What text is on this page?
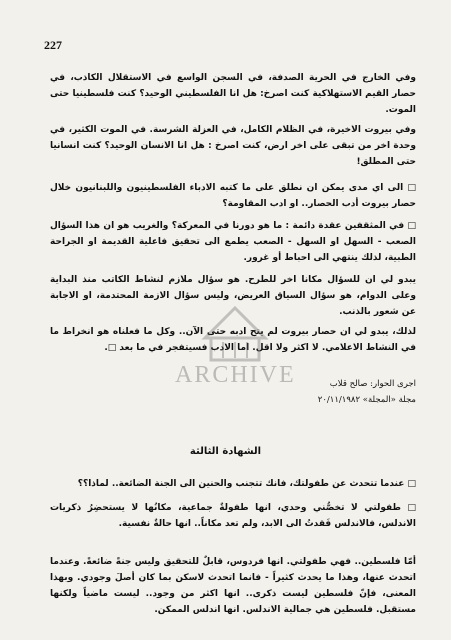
227
وفي الخارج في الحرية الصدفة، في السجن الواسع في الاستقلال الكاذب، في حصار القيم الاستهلاكية كنت اصرخ: هل انا الفلسطيني الوحيد؟ كنت فلسطينيا حتى الموت.
وفي بيروت الاخيرة، في الظلام الكامل، في العزلة الشرسة. في الموت الكثير، في وحدة اخر من تبقى على اخر ارض، كنت اصرخ : هل انا الانسان الوحيد؟ كنت انسانيا حتى المطلق!
□ الى اي مدى يمكن ان نطلق على ما كتبه الادباء الفلسطينيون واللبنانيون خلال حصار بيروت أدب الحصار.. او ادب المقاومة؟
□ في المثقفين عقدة دائمة : ما هو دورنا في المعركة؟ والغريب هو ان هذا السؤال الصعب - السهل او السهل - الصعب يطمع الى تحقيق فاعلية القديمة او الجراحة الطبية، لذلك ينتهي الى احباط أو غرور.
يبدو لي ان للسؤال مكانا اخر للطرح. هو سؤال ملازم لنشاط الكاتب منذ البداية وعلى الدوام، هو سؤال السياق العريض، وليس سؤال الازمة المحتدمة، او الاجابة عن شعور بالذنب.
لذلك، يبدو لي ان حصار بيروت لم يتح ادبه حتى الآن.. وكل ما فعلناه هو انخراط ما في النشاط الاعلامي. لا اكثر ولا اقل. اما الادب فسيتفجر في ما بعد □.
ARCHIVE	اجرى الحوار: صالح قلاب
مجلة «المجلة» ٢٠/١١/١٩٨٢
الشهادة الثالثة
□ عندما تتحدث عن طفولتك، فانك تتجنب والحنين الى الجنة الضائعة.. لماذا؟؟
□ طفولتي لا تخصُّني وحدي، انها طفولةٌ جماعية، مكانُها لا يستحضِرُ ذكريات الاندلس، فالاندلس فَقدتُ الى الابد، ولم تعد مكاناً.. انها حالةٌ نفسية.
أمّا فلسطين.. فهي طفولتي. انها فردوس، قابلٌ للتحقيق وليس جنةً ضائعةً. وعندما اتحدث عنها، وهذا ما يحدث كثيراً - فانما اتحدث لاسكن بما كان أصلَ وجودي. وبهذا المعنى، فإنّ فلسطين ليست ذكرى.. انها اكثر من وجود.. ليست ماضياً ولكنها مستقبل. فلسطين هي جمالية الاندلس. انها اندلس الممكن.
